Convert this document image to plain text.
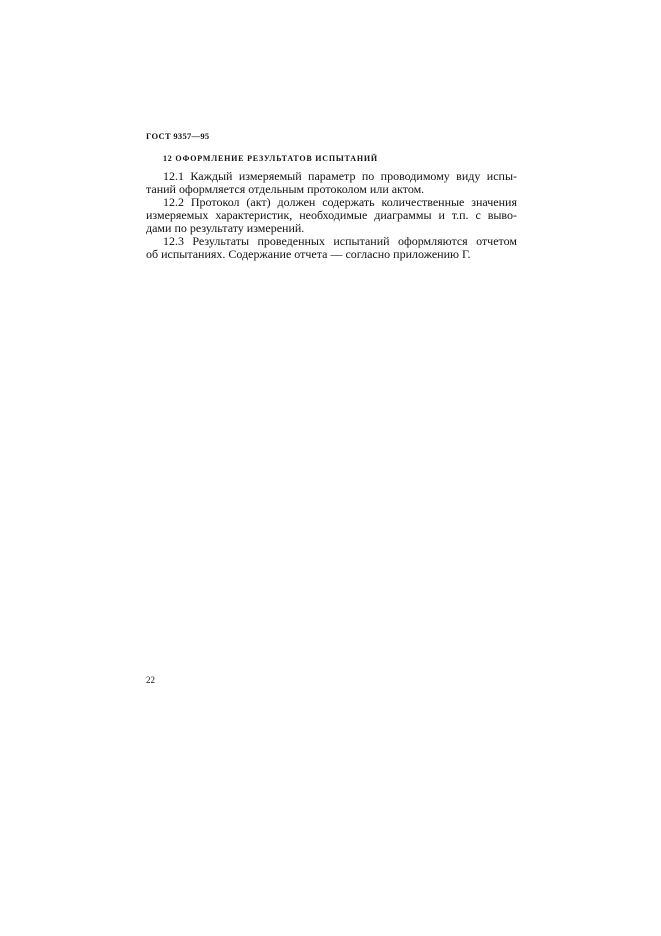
ГОСТ 9357—95
12 ОФОРМЛЕНИЕ РЕЗУЛЬТАТОВ ИСПЫТАНИЙ
12.1 Каждый измеряемый параметр по проводимому виду испы-
таний оформляется отдельным протоколом или актом.
12.2 Протокол (акт) должен содержать количественные значения
измеряемых характеристик, необходимые диаграммы и т.п. с выво-
дами по результату измерений.
12.3 Результаты проведенных испытаний оформляются отчетом
об испытаниях. Содержание отчета — согласно приложению Г.
22
